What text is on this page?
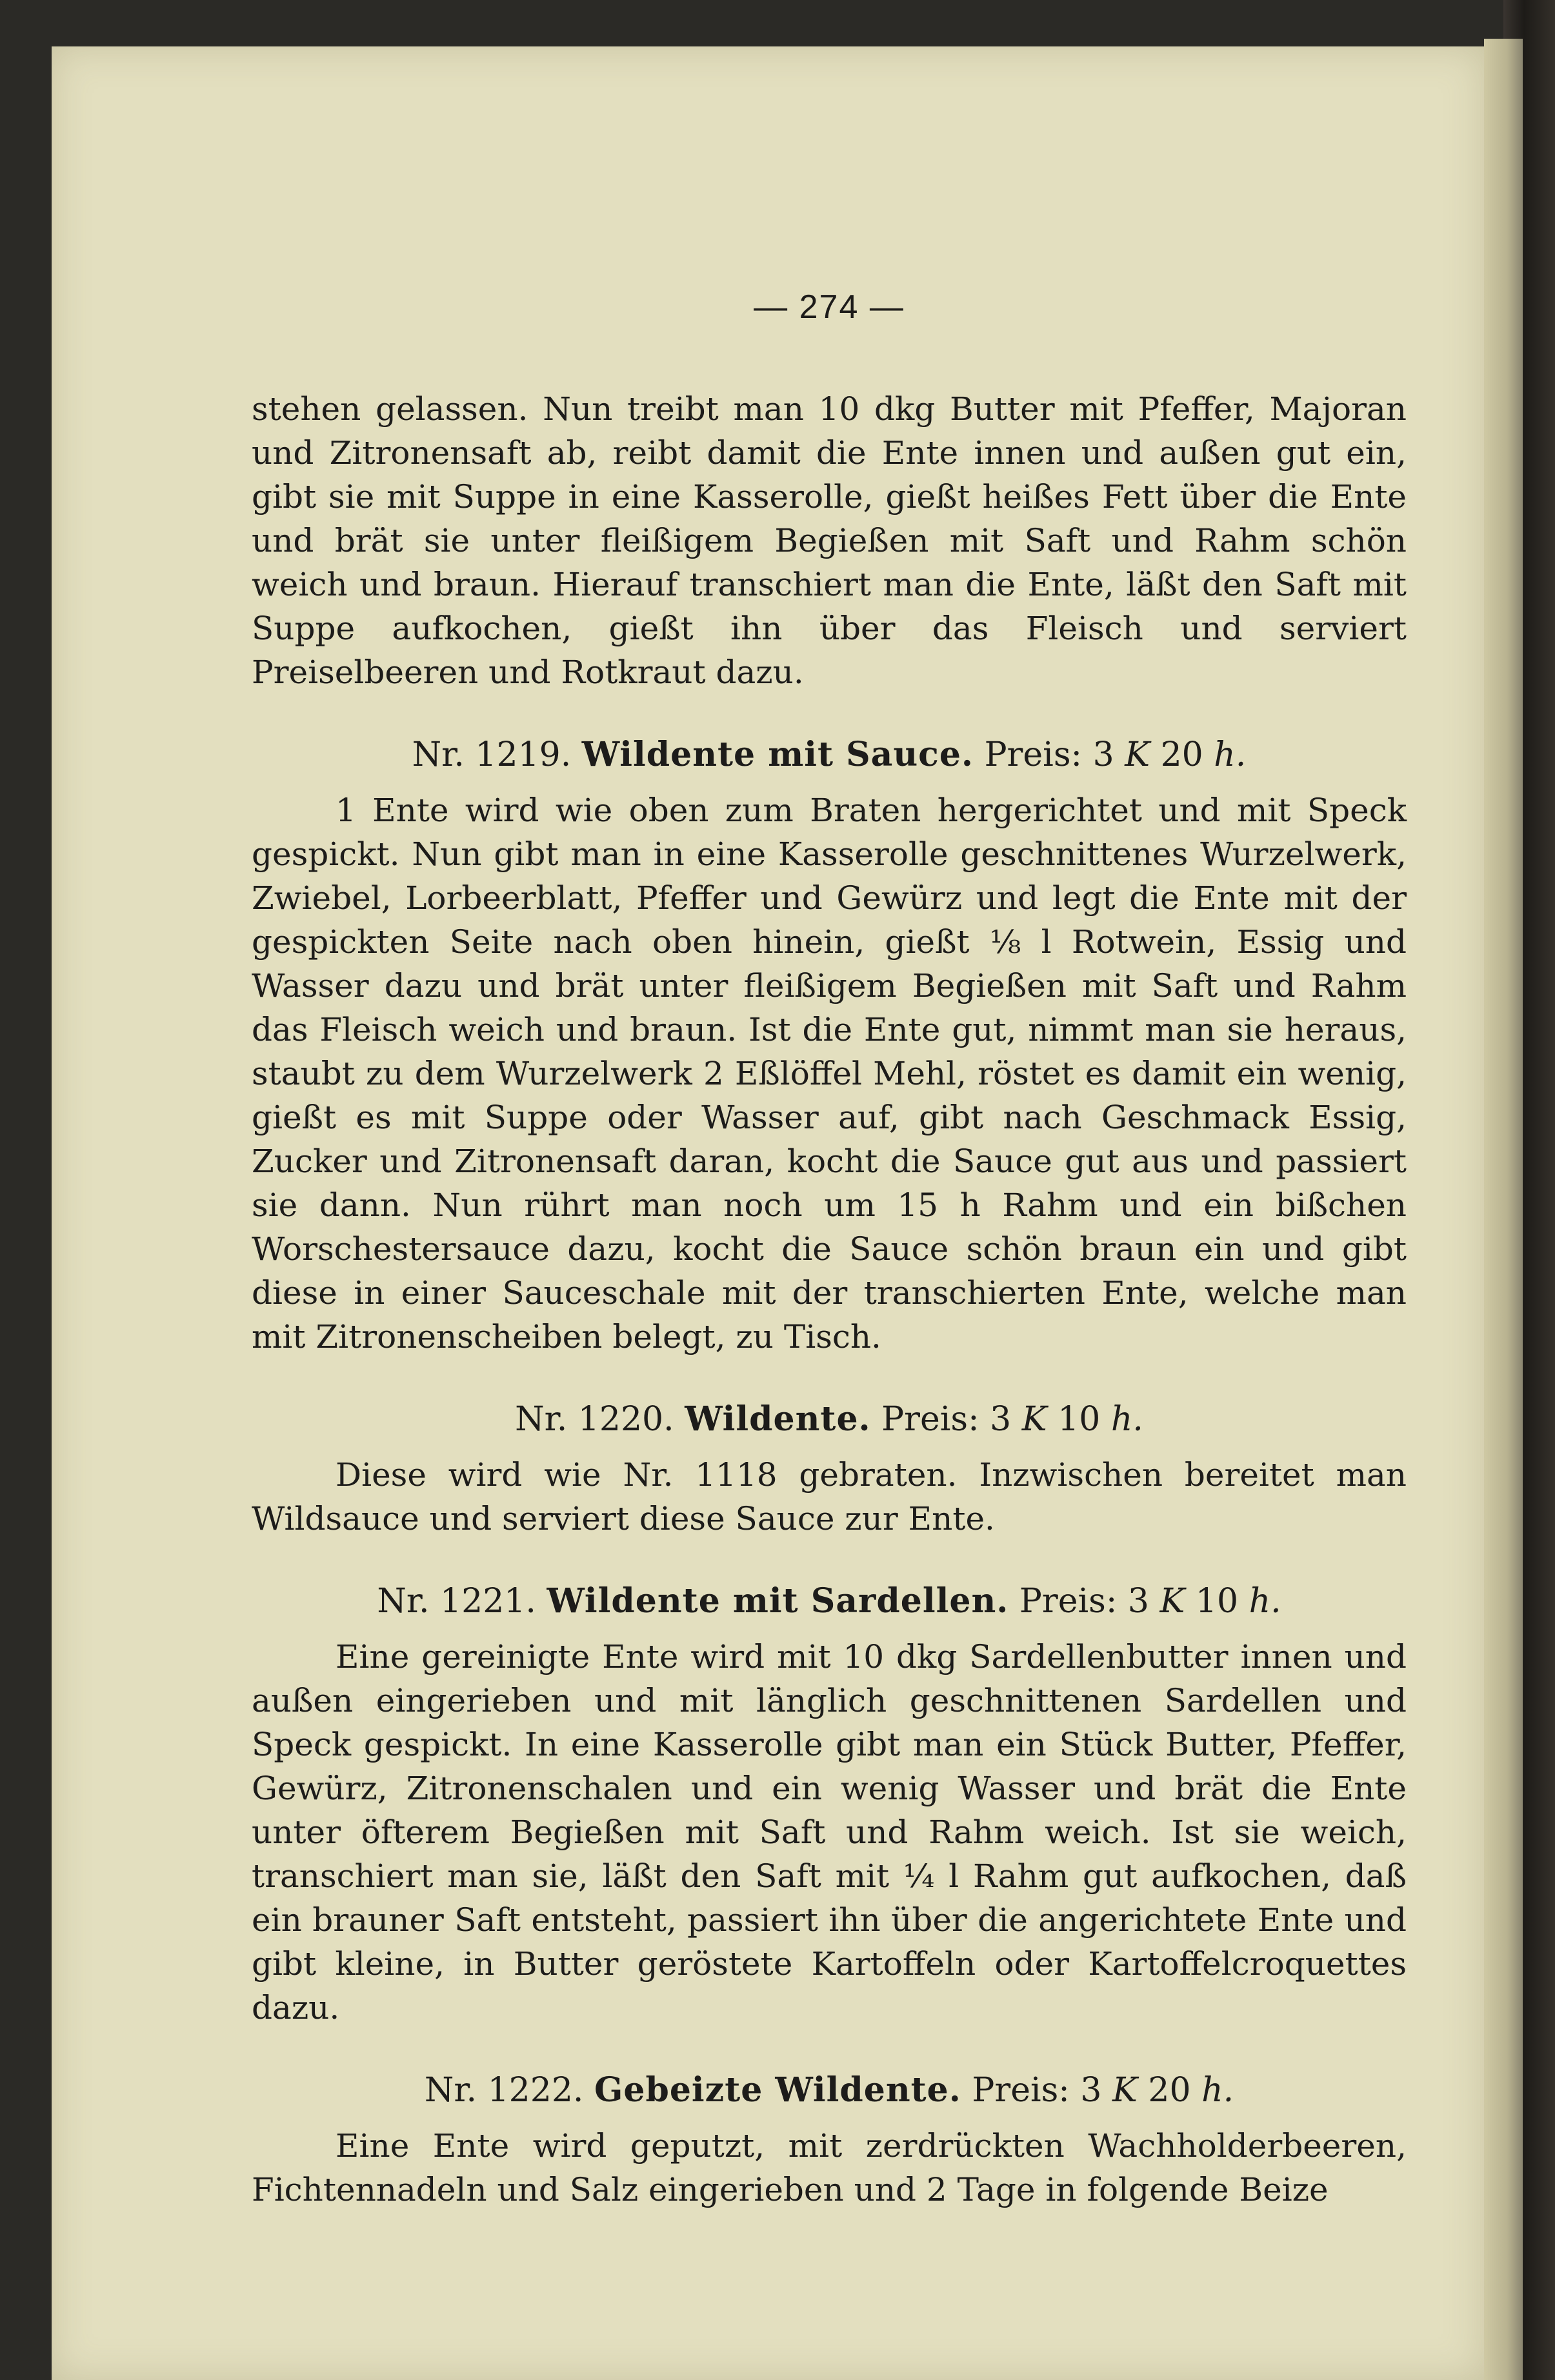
— 274 —

stehen gelassen. Nun treibt man 10 dkg Butter mit Pfeffer, Majoran und Zitronensaft ab, reibt damit die Ente innen und außen gut ein, gibt sie mit Suppe in eine Kasserolle, gießt heißes Fett über die Ente und brät sie unter fleißigem Begießen mit Saft und Rahm schön weich und braun. Hierauf transchiert man die Ente, läßt den Saft mit Suppe aufkochen, gießt ihn über das Fleisch und serviert Preiselbeeren und Rotkraut dazu.

Nr. 1219. Wildente mit Sauce. Preis: 3 K 20 h.

1 Ente wird wie oben zum Braten hergerichtet und mit Speck gespickt. Nun gibt man in eine Kasserolle geschnittenes Wurzelwerk, Zwiebel, Lorbeerblatt, Pfeffer und Gewürz und legt die Ente mit der gespickten Seite nach oben hinein, gießt ⅛ l Rotwein, Essig und Wasser dazu und brät unter fleißigem Begießen mit Saft und Rahm das Fleisch weich und braun. Ist die Ente gut, nimmt man sie heraus, staubt zu dem Wurzelwerk 2 Eßlöffel Mehl, röstet es damit ein wenig, gießt es mit Suppe oder Wasser auf, gibt nach Geschmack Essig, Zucker und Zitronensaft daran, kocht die Sauce gut aus und passiert sie dann. Nun rührt man noch um 15 h Rahm und ein bißchen Worschestersauce dazu, kocht die Sauce schön braun ein und gibt diese in einer Sauceschale mit der transchierten Ente, welche man mit Zitronenscheiben belegt, zu Tisch.

Nr. 1220. Wildente. Preis: 3 K 10 h.

Diese wird wie Nr. 1118 gebraten. Inzwischen bereitet man Wildsauce und serviert diese Sauce zur Ente.

Nr. 1221. Wildente mit Sardellen. Preis: 3 K 10 h.

Eine gereinigte Ente wird mit 10 dkg Sardellenbutter innen und außen eingerieben und mit länglich geschnittenen Sardellen und Speck gespickt. In eine Kasserolle gibt man ein Stück Butter, Pfeffer, Gewürz, Zitronenschalen und ein wenig Wasser und brät die Ente unter öfterem Begießen mit Saft und Rahm weich. Ist sie weich, transchiert man sie, läßt den Saft mit ¼ l Rahm gut aufkochen, daß ein brauner Saft entsteht, passiert ihn über die angerichtete Ente und gibt kleine, in Butter geröstete Kartoffeln oder Kartoffelcroquettes dazu.

Nr. 1222. Gebeizte Wildente. Preis: 3 K 20 h.

Eine Ente wird geputzt, mit zerdrückten Wachholderbeeren, Fichtennadeln und Salz eingerieben und 2 Tage in folgende Beize
